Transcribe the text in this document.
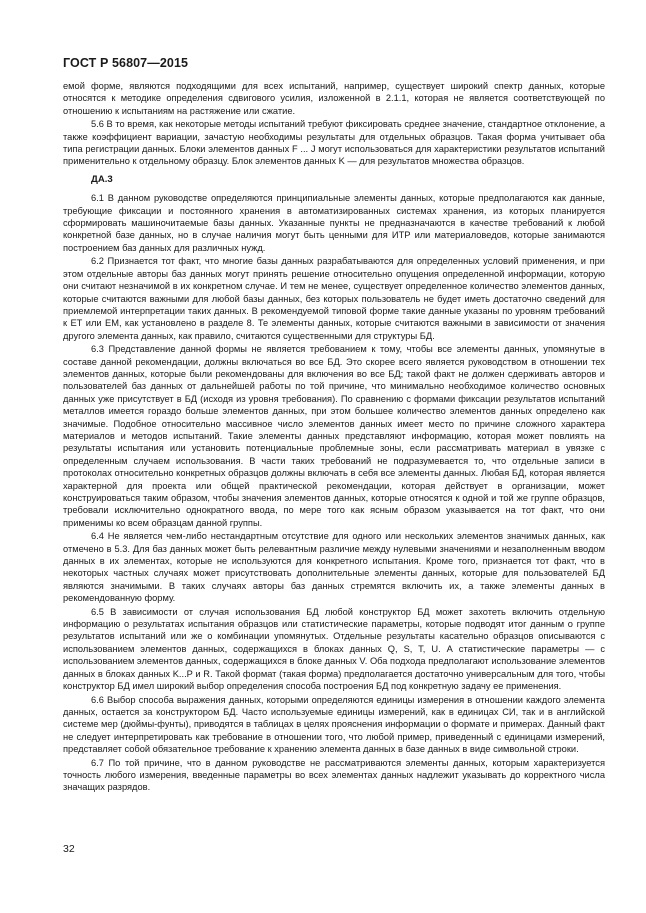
ГОСТ Р 56807—2015

емой форме, являются подходящими для всех испытаний, например, существует широкий спектр данных, которые относятся к методике определения сдвигового усилия, изложенной в 2.1.1, которая не является соответствующей по отношению к испытаниям на растяжение или сжатие.

5.6 В то время, как некоторые методы испытаний требуют фиксировать среднее значение, стандартное отклонение, а также коэффициент вариации, зачастую необходимы результаты для отдельных образцов. Такая форма учитывает оба типа регистрации данных. Блоки элементов данных F ... J могут использоваться для характеристики результатов испытаний применительно к отдельному образцу. Блок элементов данных K — для результатов множества образцов.

ДА.3

6.1 В данном руководстве определяются принципиальные элементы данных, которые предполагаются как данные, требующие фиксации и постоянного хранения в автоматизированных системах хранения, из которых планируется сформировать машиночитаемые базы данных. Указанные пункты не предназначаются в качестве требований к любой конкретной базе данных, но в случае наличия могут быть ценными для ИТР или материаловедов, которые занимаются построением баз данных для различных нужд.

6.2 Признается тот факт, что многие базы данных разрабатываются для определенных условий применения, и при этом отдельные авторы баз данных могут принять решение относительно опущения определенной информации, которую они считают незначимой в их конкретном случае. И тем не менее, существует определенное количество элементов данных, которые считаются важными для любой базы данных, без которых пользователь не будет иметь достаточно сведений для приемлемой интерпретации таких данных. В рекомендуемой типовой форме такие данные указаны по уровням требований к ЕТ или ЕМ, как установлено в разделе 8. Те элементы данных, которые считаются важными в зависимости от значения другого элемента данных, как правило, считаются существенными для структуры БД.

6.3 Представление данной формы не является требованием к тому, чтобы все элементы данных, упомянутые в составе данной рекомендации, должны включаться во все БД. Это скорее всего является руководством в отношении тех элементов данных, которые были рекомендованы для включения во все БД; такой факт не должен сдерживать авторов и пользователей баз данных от дальнейшей работы по той причине, что минимально необходимое количество основных данных уже присутствует в БД (исходя из уровня требования). По сравнению с формами фиксации результатов испытаний металлов имеется гораздо больше элементов данных, при этом большее количество элементов данных определено как значимые. Подобное относительно массивное число элементов данных имеет место по причине сложного характера материалов и методов испытаний. Такие элементы данных представляют информацию, которая может повлиять на результаты испытания или установить потенциальные проблемные зоны, если рассматривать материал в увязке с определенным случаем использования. В части таких требований не подразумевается то, что отдельные записи в протоколах относительно конкретных образцов должны включать в себя все элементы данных. Любая БД, которая является характерной для проекта или общей практической рекомендации, которая действует в организации, может конструироваться таким образом, чтобы значения элементов данных, которые относятся к одной и той же группе образцов, требовали исключительно однократного ввода, по мере того как ясным образом указывается на тот факт, что они применимы ко всем образцам данной группы.

6.4 Не является чем-либо нестандартным отсутствие для одного или нескольких элементов значимых данных, как отмечено в 5.3. Для баз данных может быть релевантным различие между нулевыми значениями и незаполненным вводом данных в их элементах, которые не используются для конкретного испытания. Кроме того, признается тот факт, что в некоторых частных случаях может присутствовать дополнительные элементы данных, которые для пользователей БД являются значимыми. В таких случаях авторы баз данных стремятся включить их, а также элементы данных в рекомендованную форму.

6.5 В зависимости от случая использования БД любой конструктор БД может захотеть включить отдельную информацию о результатах испытания образцов или статистические параметры, которые подводят итог данным о группе результатов испытаний или же о комбинации упомянутых. Отдельные результаты касательно образцов описываются с использованием элементов данных, содержащихся в блоках данных Q, S, T, U. А статистические параметры — с использованием элементов данных, содержащихся в блоке данных V. Оба подхода предполагают использование элементов данных в блоках данных K...P и R. Такой формат (такая форма) предполагается достаточно универсальным для того, чтобы конструктор БД имел широкий выбор определения способа построения БД под конкретную задачу ее применения.

6.6 Выбор способа выражения данных, которыми определяются единицы измерения в отношении каждого элемента данных, остается за конструктором БД. Часто используемые единицы измерений, как в единицах СИ, так и в английской системе мер (дюймы-фунты), приводятся в таблицах в целях прояснения информации о формате и примерах. Данный факт не следует интерпретировать как требование в отношении того, что любой пример, приведенный с единицами измерений, представляет собой обязательное требование к хранению элемента данных в базе данных в виде символьной строки.

6.7 По той причине, что в данном руководстве не рассматриваются элементы данных, которым характеризуется точность любого измерения, введенные параметры во всех элементах данных надлежит указывать до корректного числа значащих разрядов.

32
